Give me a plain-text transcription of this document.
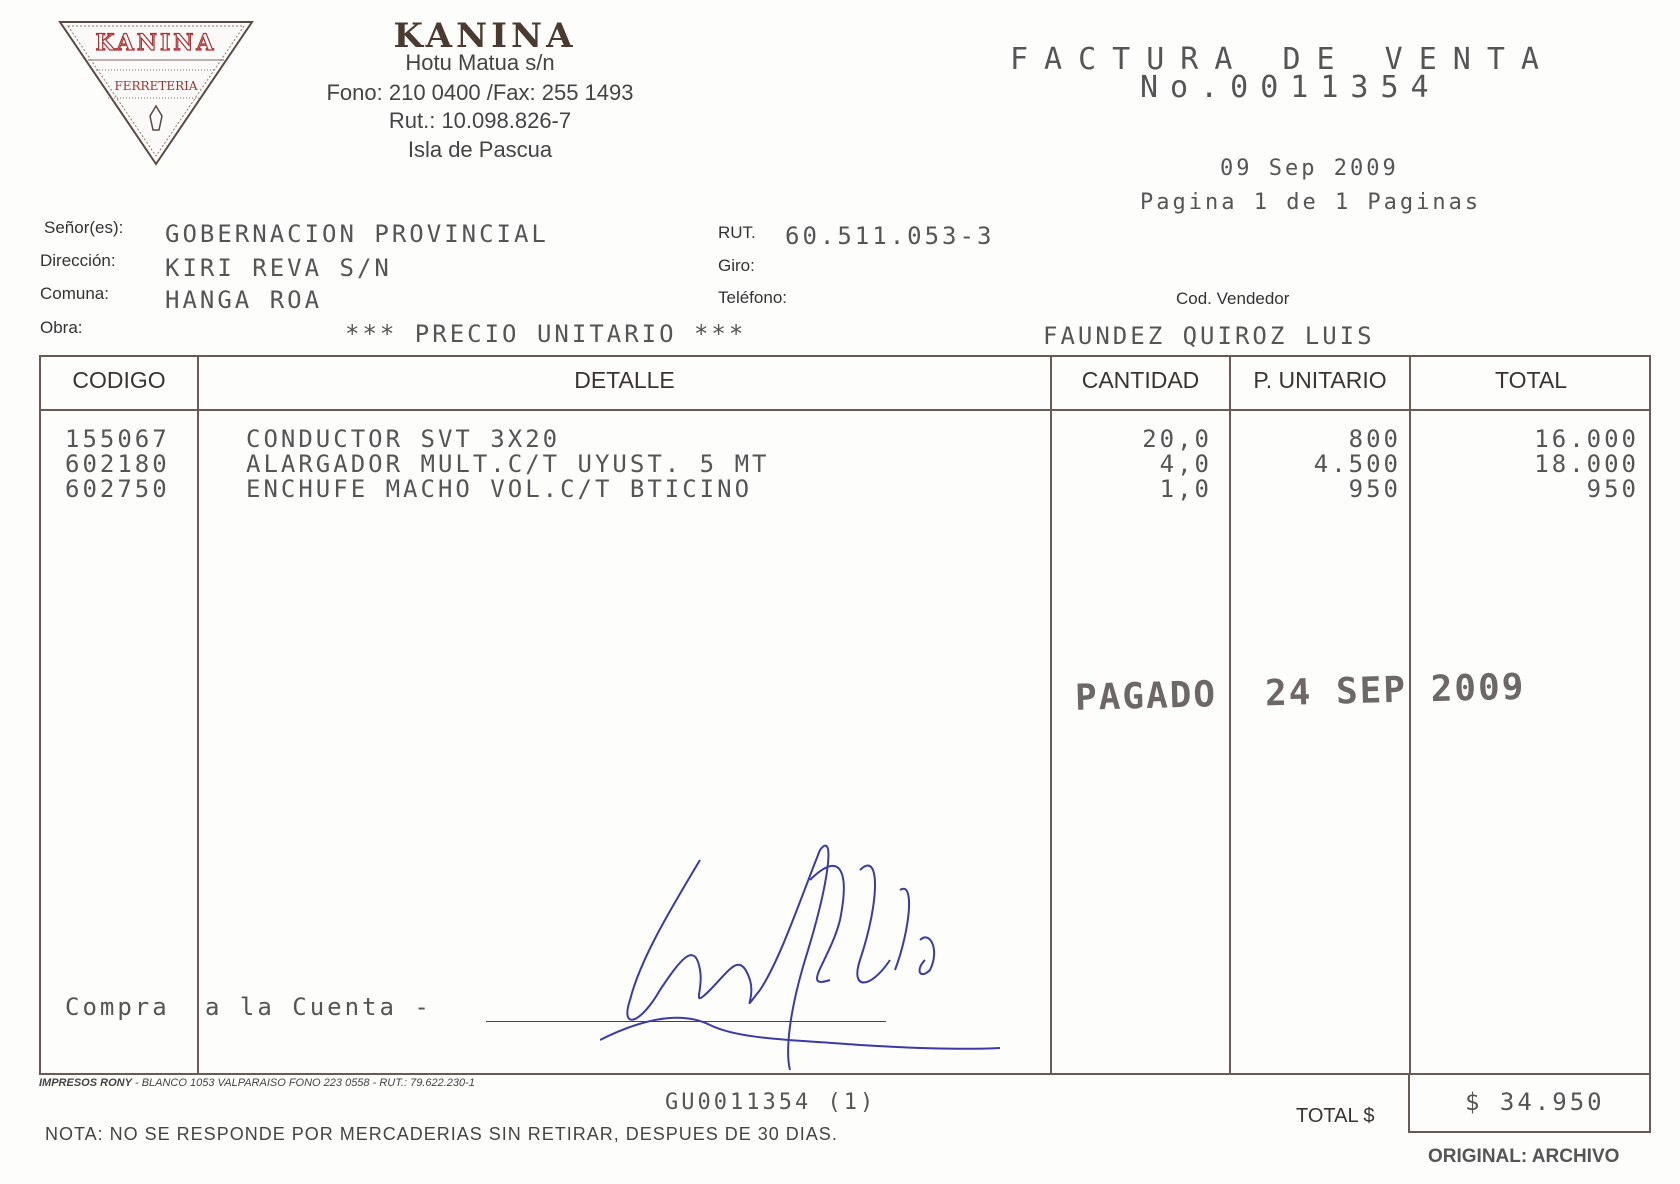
KANINA
FERRETERIA
KANINA
Hotu Matua s/n
Fono: 210 0400 /Fax: 255 1493
Rut.: 10.098.826-7
Isla de Pascua
FACTURA DE VENTA
No.0011354
09 Sep 2009
Pagina 1 de 1 Paginas
Señor(es): GOBERNACION PROVINCIAL
Dirección: KIRI REVA S/N
Comuna: HANGA ROA
Obra:	*** PRECIO UNITARIO ***
RUT. 60.511.053-3
Giro:
Teléfono:	Cod. Vendedor
FAUNDEZ QUIROZ LUIS
CODIGO	DETALLE	CANTIDAD	P. UNITARIO	TOTAL
155067	CONDUCTOR SVT 3X20	20,0	800	16.000
602180	ALARGADOR MULT.C/T UYUST. 5 MT	4,0	4.500	18.000
602750	ENCHUFE MACHO VOL.C/T BTICINO	1,0	950	950
Compra a la Cuenta -
PAGADO 24 SEP 2009
IMPRESOS RONY - BLANCO 1053 VALPARAISO FONO 223 0558 - RUT.: 79.622.230-1
GU0011354 (1)
TOTAL $	$ 34.950
NOTA: NO SE RESPONDE POR MERCADERIAS SIN RETIRAR, DESPUES DE 30 DIAS.
ORIGINAL: ARCHIVO
